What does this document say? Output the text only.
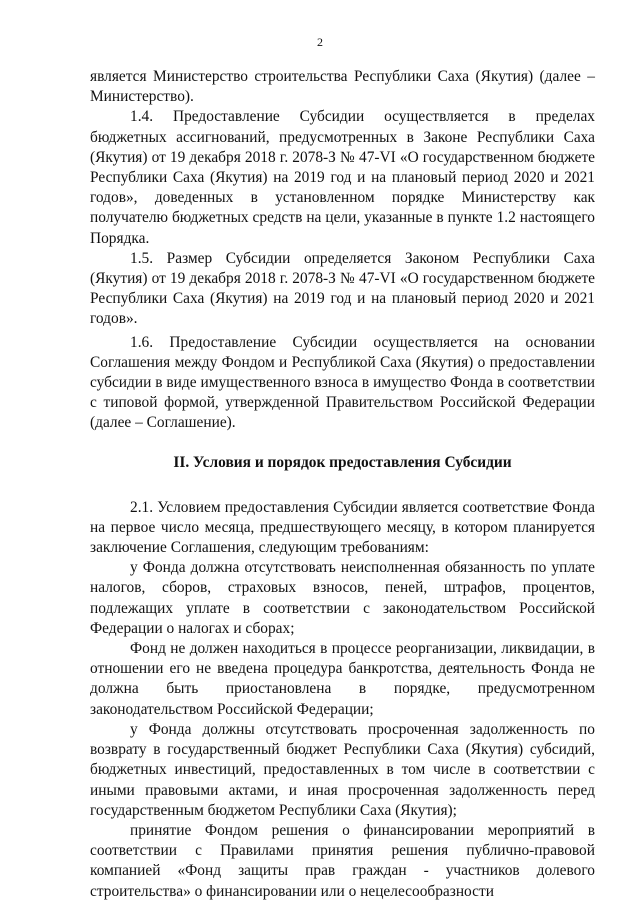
2

является Министерство строительства Республики Саха (Якутия) (далее – Министерство).

1.4. Предоставление Субсидии осуществляется в пределах бюджетных ассигнований, предусмотренных в Законе Республики Саха (Якутия) от 19 декабря 2018 г. 2078-З № 47-VI «О государственном бюджете Республики Саха (Якутия) на 2019 год и на плановый период 2020 и 2021 годов», доведенных в установленном порядке Министерству как получателю бюджетных средств на цели, указанные в пункте 1.2 настоящего Порядка.

1.5. Размер Субсидии определяется Законом Республики Саха (Якутия) от 19 декабря 2018 г. 2078-З № 47-VI «О государственном бюджете Республики Саха (Якутия) на 2019 год и на плановый период 2020 и 2021 годов».

1.6. Предоставление Субсидии осуществляется на основании Соглашения между Фондом и Республикой Саха (Якутия) о предоставлении субсидии в виде имущественного взноса в имущество Фонда в соответствии с типовой формой, утвержденной Правительством Российской Федерации (далее – Соглашение).

II. Условия и порядок предоставления Субсидии

2.1. Условием предоставления Субсидии является соответствие Фонда на первое число месяца, предшествующего месяцу, в котором планируется заключение Соглашения, следующим требованиям:

у Фонда должна отсутствовать неисполненная обязанность по уплате налогов, сборов, страховых взносов, пеней, штрафов, процентов, подлежащих уплате в соответствии с законодательством Российской Федерации о налогах и сборах;

Фонд не должен находиться в процессе реорганизации, ликвидации, в отношении его не введена процедура банкротства, деятельность Фонда не должна быть приостановлена в порядке, предусмотренном законодательством Российской Федерации;

у Фонда должны отсутствовать просроченная задолженность по возврату в государственный бюджет Республики Саха (Якутия) субсидий, бюджетных инвестиций, предоставленных в том числе в соответствии с иными правовыми актами, и иная просроченная задолженность перед государственным бюджетом Республики Саха (Якутия);

принятие Фондом решения о финансировании мероприятий в соответствии с Правилами принятия решения публично-правовой компанией «Фонд защиты прав граждан - участников долевого строительства» о финансировании или о нецелесообразности
